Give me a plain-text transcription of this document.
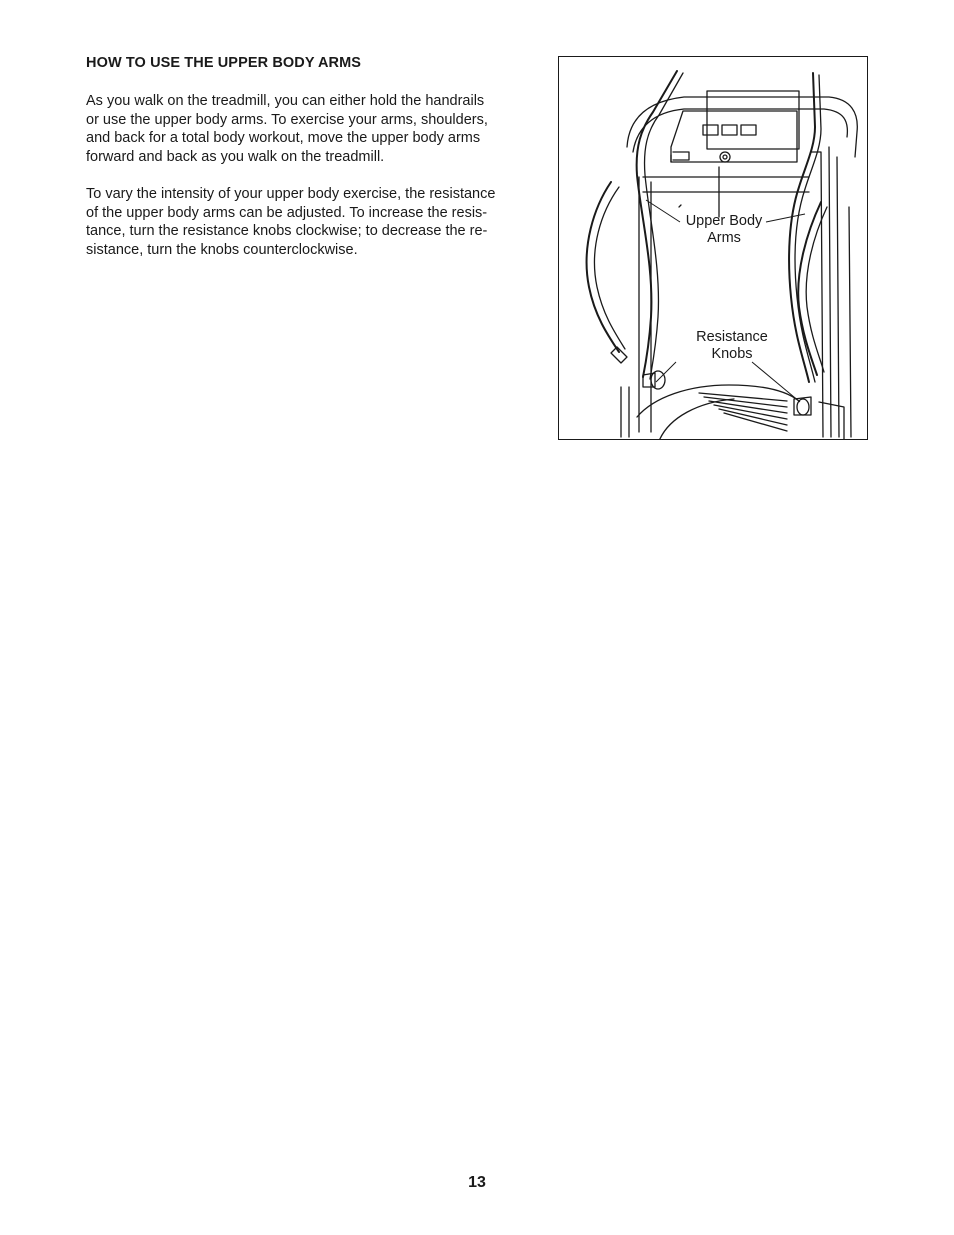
HOW TO USE THE UPPER BODY ARMS
As you walk on the treadmill, you can either hold the handrails
or use the upper body arms. To exercise your arms, shoulders,
and back for a total body workout, move the upper body arms
forward and back as you walk on the treadmill.
To vary the intensity of your upper body exercise, the resistance
of the upper body arms can be adjusted. To increase the resis-
tance, turn the resistance knobs clockwise; to decrease the re-
sistance, turn the knobs counterclockwise.
Upper Body
Arms
Resistance
Knobs
13
